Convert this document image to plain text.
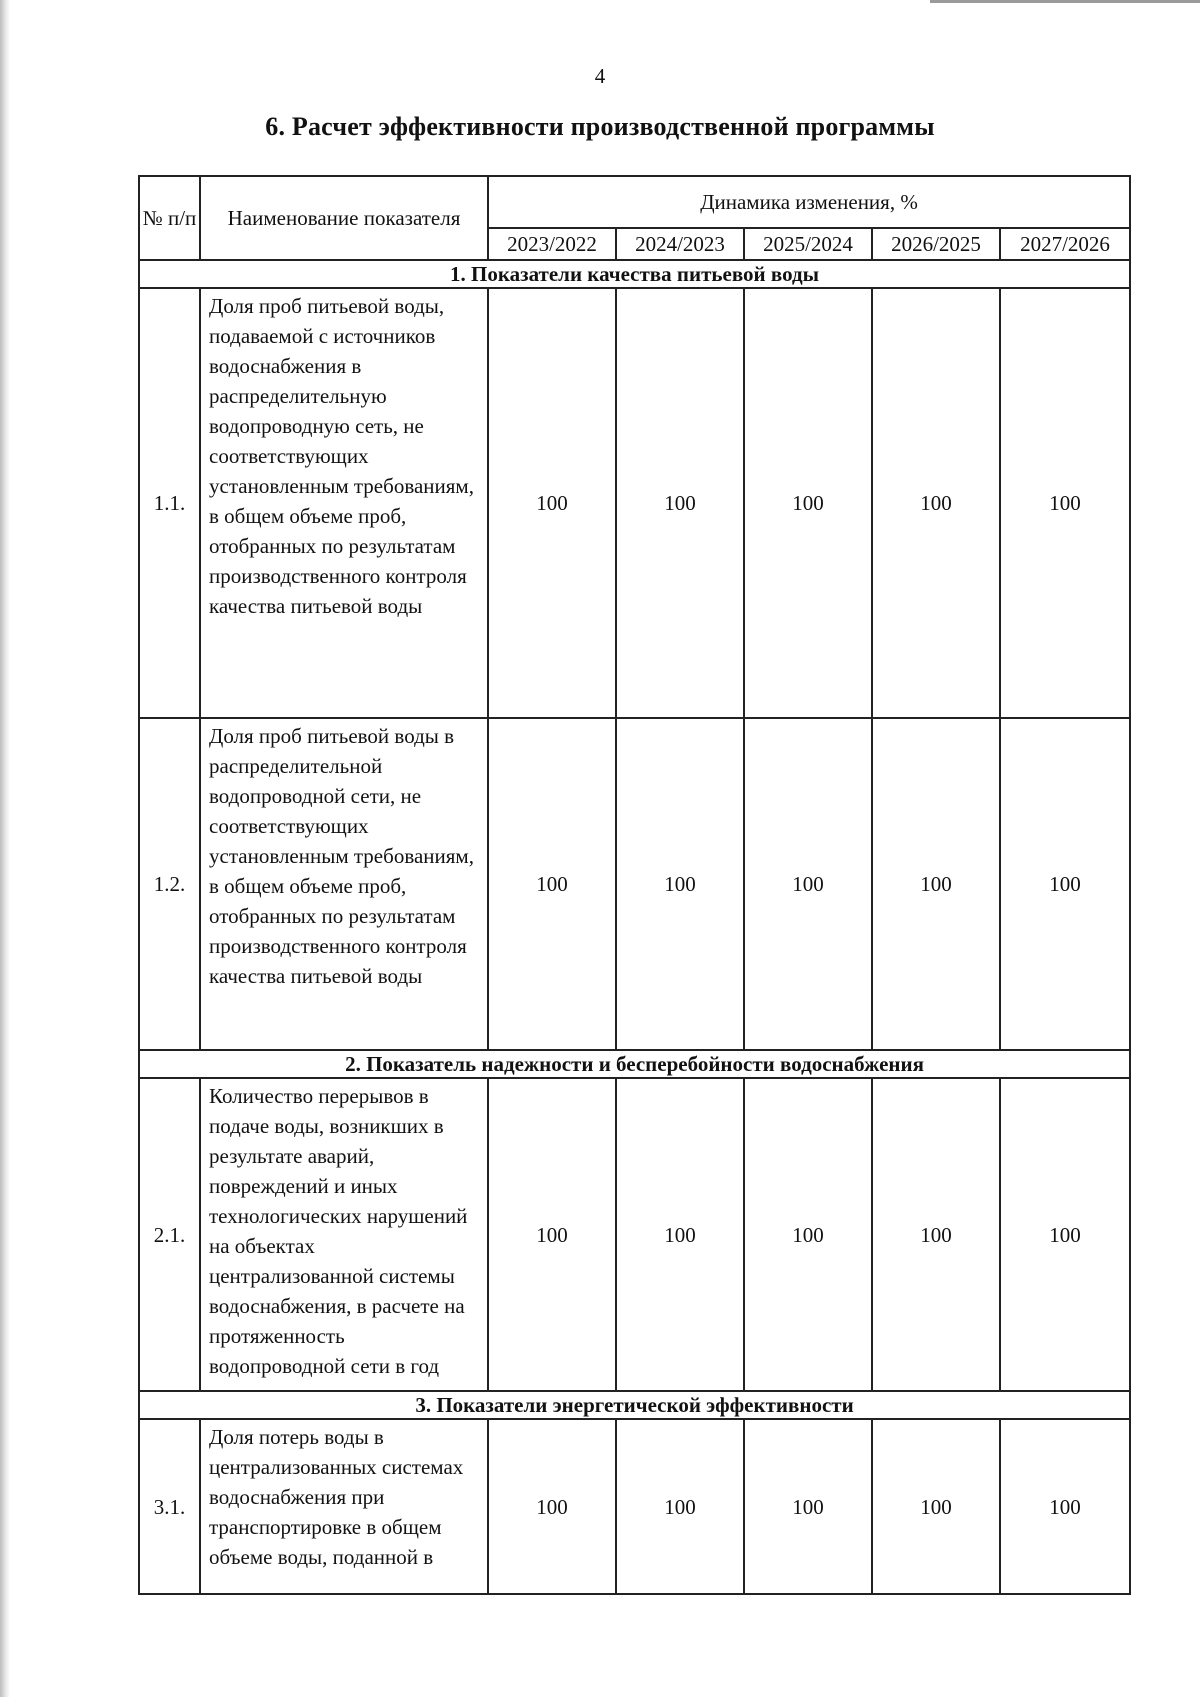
4
6. Расчет эффективности производственной программы
№ п/п	Наименование показателя	Динамика изменения, %				
		2023/2022	2024/2023	2025/2024	2026/2025	2027/2026
1. Показатели качества питьевой воды						
1.1.	Доля проб питьевой воды, подаваемой с источников водоснабжения в распределительную водопроводную сеть, не соответствующих установленным требованиям, в общем объеме проб, отобранных по результатам производственного контроля качества питьевой воды	100	100	100	100	100
1.2.	Доля проб питьевой воды в распределительной водопроводной сети, не соответствующих установленным требованиям, в общем объеме проб, отобранных по результатам производственного контроля качества питьевой воды	100	100	100	100	100
2. Показатель надежности и бесперебойности водоснабжения						
2.1.	Количество перерывов в подаче воды, возникших в результате аварий, повреждений и иных технологических нарушений на объектах централизованной системы водоснабжения, в расчете на протяженность водопроводной сети в год	100	100	100	100	100
3. Показатели энергетической эффективности						
3.1.	Доля потерь воды в централизованных системах водоснабжения при транспортировке в общем объеме воды, поданной в	100	100	100	100	100
